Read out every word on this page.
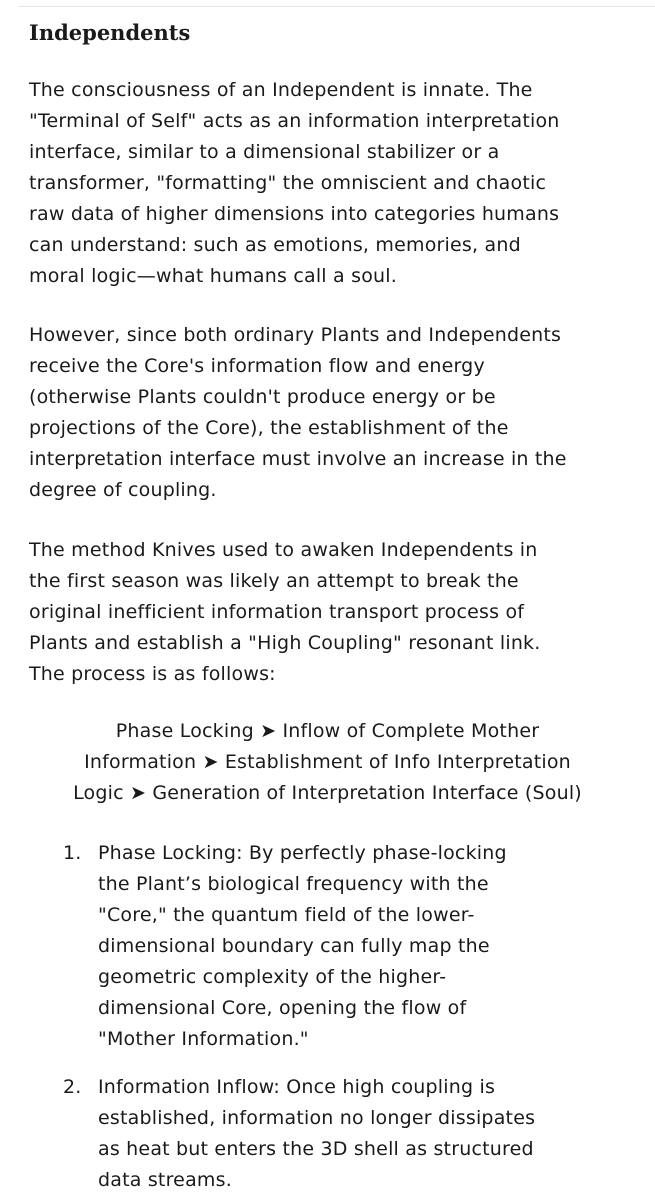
Independents

The consciousness of an Independent is innate. The
"Terminal of Self" acts as an information interpretation
interface, similar to a dimensional stabilizer or a
transformer, "formatting" the omniscient and chaotic
raw data of higher dimensions into categories humans
can understand: such as emotions, memories, and
moral logic—what humans call a soul.

However, since both ordinary Plants and Independents
receive the Core's information flow and energy
(otherwise Plants couldn't produce energy or be
projections of the Core), the establishment of the
interpretation interface must involve an increase in the
degree of coupling.

The method Knives used to awaken Independents in
the first season was likely an attempt to break the
original inefficient information transport process of
Plants and establish a "High Coupling" resonant link.
The process is as follows:

Phase Locking ➤ Inflow of Complete Mother
Information ➤ Establishment of Info Interpretation
Logic ➤ Generation of Interpretation Interface (Soul)

1. Phase Locking: By perfectly phase-locking
the Plant’s biological frequency with the
"Core," the quantum field of the lower-
dimensional boundary can fully map the
geometric complexity of the higher-
dimensional Core, opening the flow of
"Mother Information."
2. Information Inflow: Once high coupling is
established, information no longer dissipates
as heat but enters the 3D shell as structured
data streams.
